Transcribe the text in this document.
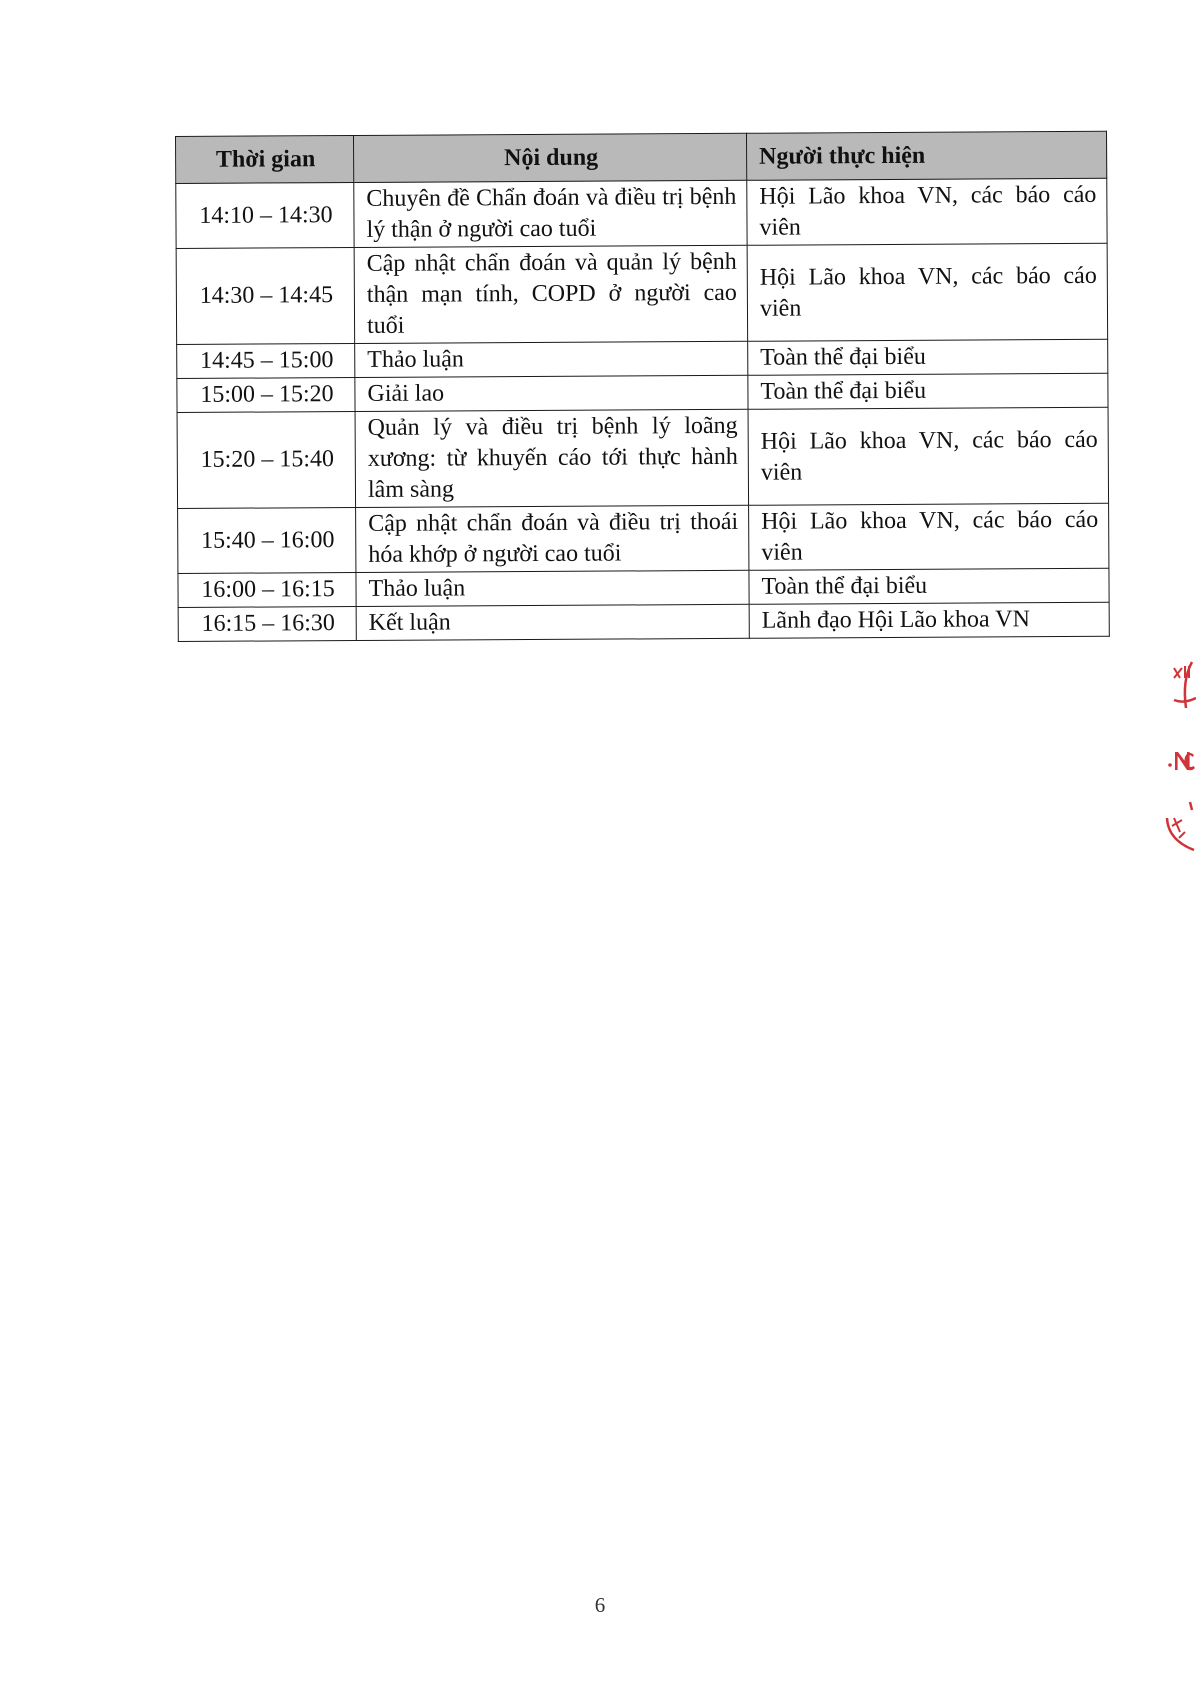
Thời gian	Nội dung	Người thực hiện
14:10 – 14:30	Chuyên đề Chẩn đoán và điều trị bệnh lý thận ở người cao tuổi	Hội Lão khoa VN, các báo cáo viên
14:30 – 14:45	Cập nhật chẩn đoán và quản lý bệnh thận mạn tính, COPD ở người cao tuổi	Hội Lão khoa VN, các báo cáo viên
14:45 – 15:00	Thảo luận	Toàn thể đại biểu
15:00 – 15:20	Giải lao	Toàn thể đại biểu
15:20 – 15:40	Quản lý và điều trị bệnh lý loãng xương: từ khuyến cáo tới thực hành lâm sàng	Hội Lão khoa VN, các báo cáo viên
15:40 – 16:00	Cập nhật chẩn đoán và điều trị thoái hóa khớp ở người cao tuổi	Hội Lão khoa VN, các báo cáo viên
16:00 – 16:15	Thảo luận	Toàn thể đại biểu
16:15 – 16:30	Kết luận	Lãnh đạo Hội Lão khoa VN
6
